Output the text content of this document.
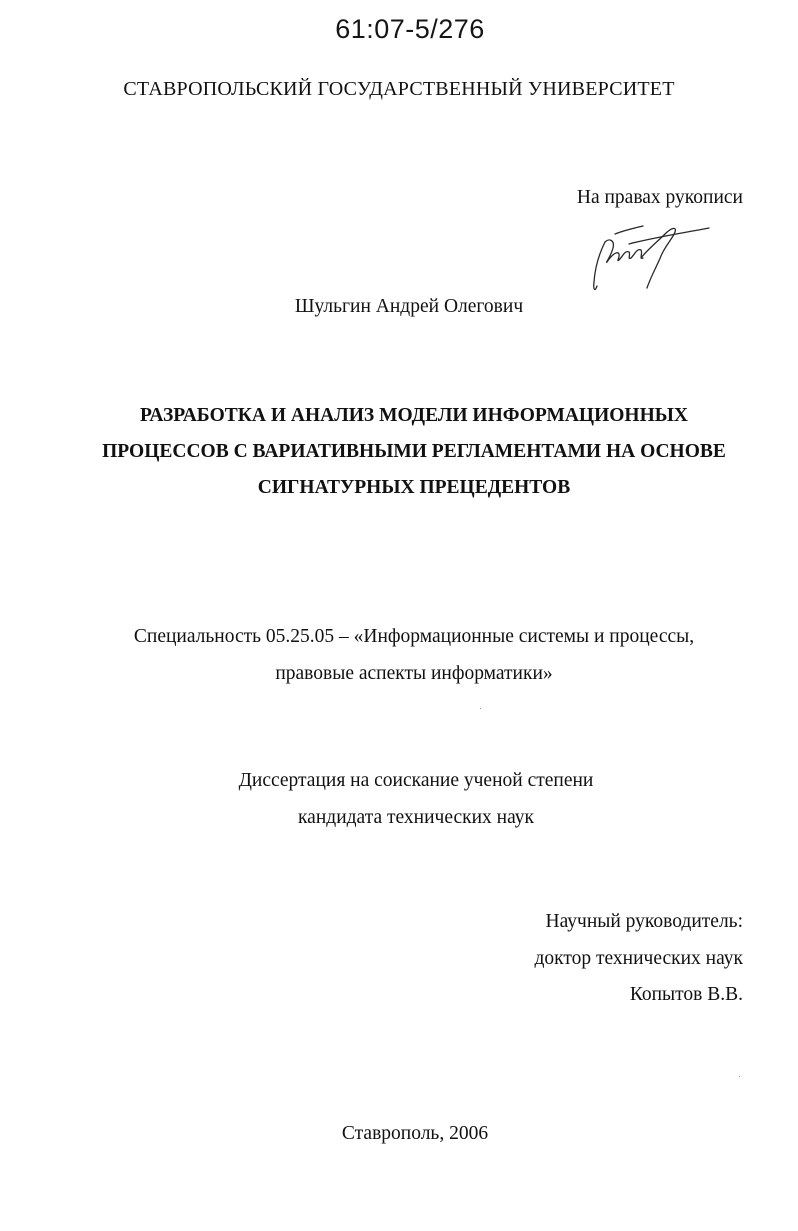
61:07-5/276
СТАВРОПОЛЬСКИЙ ГОСУДАРСТВЕННЫЙ УНИВЕРСИТЕТ
На правах рукописи
Шульгин Андрей Олегович
РАЗРАБОТКА И АНАЛИЗ МОДЕЛИ ИНФОРМАЦИОННЫХ
ПРОЦЕССОВ С ВАРИАТИВНЫМИ РЕГЛАМЕНТАМИ НА ОСНОВЕ
СИГНАТУРНЫХ ПРЕЦЕДЕНТОВ
Специальность 05.25.05 – «Информационные системы и процессы,
правовые аспекты информатики»
Диссертация на соискание ученой степени
кандидата технических наук
Научный руководитель:
доктор технических наук
Копытов В.В.
Ставрополь, 2006
